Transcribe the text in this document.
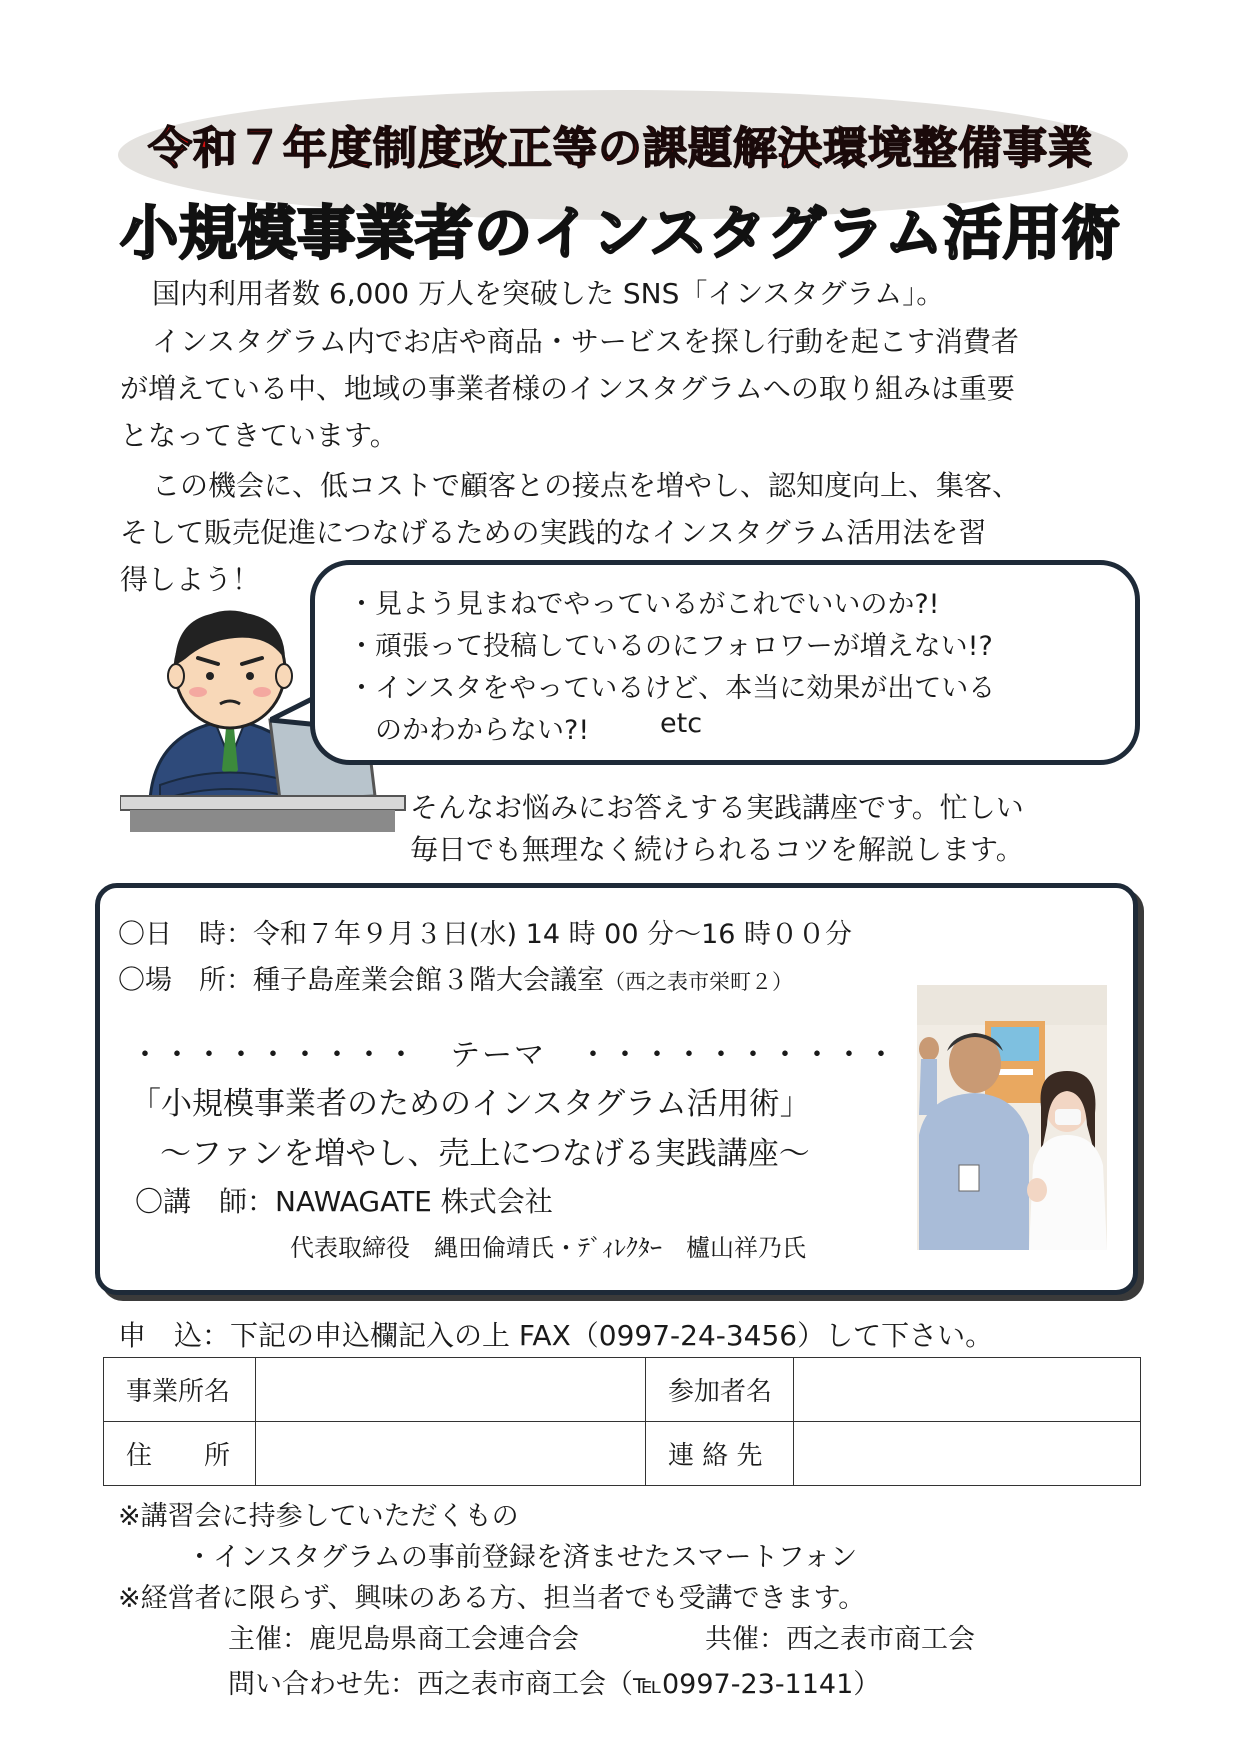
令和７年度制度改正等の課題解決環境整備事業
小規模事業者のインスタグラム活用術
国内利用者数 6,000 万人を突破した SNS「インスタグラム」。
インスタグラム内でお店や商品・サービスを探し行動を起こす消費者
が増えている中、地域の事業者様のインスタグラムへの取り組みは重要
となってきています。
この機会に、低コストで顧客との接点を増やし、認知度向上、集客、
そして販売促進につなげるための実践的なインスタグラム活用法を習
得しよう！
・見よう見まねでやっているがこれでいいのか?!
・頑張って投稿しているのにフォロワーが増えない!?
・インスタをやっているけど、本当に効果が出ている
のかわからない?!	etc
そんなお悩みにお答えする実践講座です。忙しい
毎日でも無理なく続けられるコツを解説します。
〇日　時：令和７年９月３日(水) 14 時 00 分～16 時００分
〇場　所：種子島産業会館３階大会議室（西之表市栄町２）
・・・・・・・・・　テーマ　・・・・・・・・・・
「小規模事業者のためのインスタグラム活用術」
～ファンを増やし、売上につなげる実践講座～
〇講　師：NAWAGATE 株式会社
代表取締役　縄田倫靖氏・ﾃﾞｨﾚｸﾀｰ　櫨山祥乃氏
申　込：下記の申込欄記入の上 FAX（0997-24-3456）して下さい。
事業所名		参加者名	
住　　所		連 絡 先	
※講習会に持参していただくもの
・インスタグラムの事前登録を済ませたスマートフォン
※経営者に限らず、興味のある方、担当者でも受講できます。
主催：鹿児島県商工会連合会	共催：西之表市商工会
問い合わせ先：西之表市商工会（℡0997-23-1141）
